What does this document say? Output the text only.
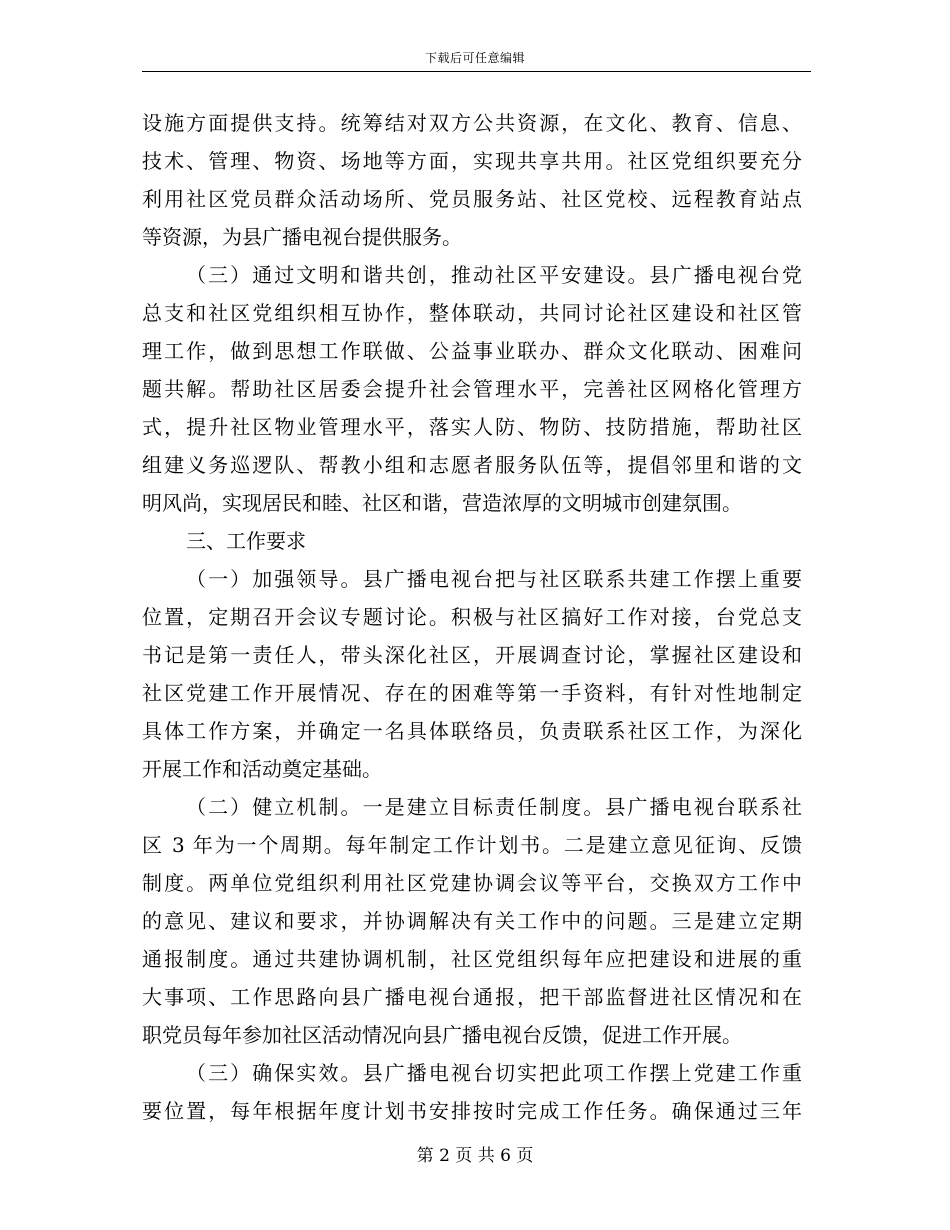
下载后可任意编辑
设施方面提供支持。统筹结对双方公共资源，在文化、教育、信息、
技术、管理、物资、场地等方面，实现共享共用。社区党组织要充分
利用社区党员群众活动场所、党员服务站、社区党校、远程教育站点
等资源，为县广播电视台提供服务。
（三）通过文明和谐共创，推动社区平安建设。县广播电视台党
总支和社区党组织相互协作，整体联动，共同讨论社区建设和社区管
理工作，做到思想工作联做、公益事业联办、群众文化联动、困难问
题共解。帮助社区居委会提升社会管理水平，完善社区网格化管理方
式，提升社区物业管理水平，落实人防、物防、技防措施，帮助社区
组建义务巡逻队、帮教小组和志愿者服务队伍等，提倡邻里和谐的文
明风尚，实现居民和睦、社区和谐，营造浓厚的文明城市创建氛围。
三、工作要求
（一）加强领导。县广播电视台把与社区联系共建工作摆上重要
位置，定期召开会议专题讨论。积极与社区搞好工作对接，台党总支
书记是第一责任人，带头深化社区，开展调查讨论，掌握社区建设和
社区党建工作开展情况、存在的困难等第一手资料，有针对性地制定
具体工作方案，并确定一名具体联络员，负责联系社区工作，为深化
开展工作和活动奠定基础。
（二）健立机制。一是建立目标责任制度。县广播电视台联系社
区 3 年为一个周期。每年制定工作计划书。二是建立意见征询、反馈
制度。两单位党组织利用社区党建协调会议等平台，交换双方工作中
的意见、建议和要求，并协调解决有关工作中的问题。三是建立定期
通报制度。通过共建协调机制，社区党组织每年应把建设和进展的重
大事项、工作思路向县广播电视台通报，把干部监督进社区情况和在
职党员每年参加社区活动情况向县广播电视台反馈，促进工作开展。
（三）确保实效。县广播电视台切实把此项工作摆上党建工作重
要位置，每年根据年度计划书安排按时完成工作任务。确保通过三年
第 2 页 共 6 页
